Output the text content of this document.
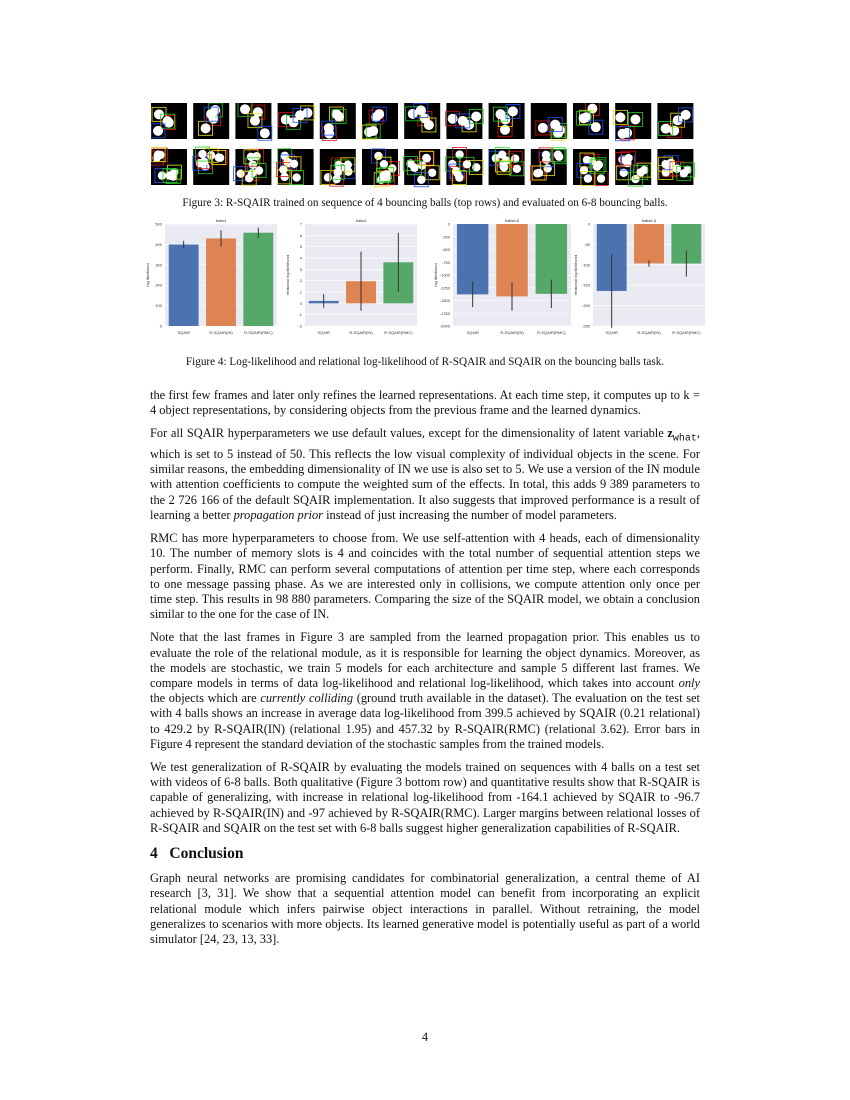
Figure 3: R-SQAIR trained on sequence of 4 bouncing balls (top rows) and evaluated on 6-8 bouncing balls.
0
100
200
300
400
500
balls4
log likelihood
SQAIR	R-SQAIR(IN)	R-SQAIR(RMC)
-2
-1
0
1
2
3
4
5
6
7
balls4
relational log likelihood
SQAIR	R-SQAIR(IN)	R-SQAIR(RMC)
0
-250
-500
-750
-1000
-1250
-1500
-1750
-2000
balls6-8
log likelihood
SQAIR	R-SQAIR(IN)	R-SQAIR(RMC)
0
-50
-100
-150
-200
-250
balls6-8
relational log likelihood
SQAIR	R-SQAIR(IN)	R-SQAIR(RMC)
Figure 4: Log-likelihood and relational log-likelihood of R-SQAIR and SQAIR on the bouncing balls task.

the first few frames and later only refines the learned representations. At each time step, it computes up to k = 4 object representations, by considering objects from the previous frame and the learned dynamics.

For all SQAIR hyperparameters we use default values, except for the dimensionality of latent variable $z_{what}$, which is set to 5 instead of 50. This reflects the low visual complexity of individual objects in the scene. For similar reasons, the embedding dimensionality of IN we use is also set to 5. We use a version of the IN module with attention coefficients to compute the weighted sum of the effects. In total, this adds 9 389 parameters to the 2 726 166 of the default SQAIR implementation. It also suggests that improved performance is a result of learning a better propagation prior instead of just increasing the number of model parameters.

RMC has more hyperparameters to choose from. We use self-attention with 4 heads, each of dimensionality 10. The number of memory slots is 4 and coincides with the total number of sequential attention steps we perform. Finally, RMC can perform several computations of attention per time step, where each corresponds to one message passing phase. As we are interested only in collisions, we compute attention only once per time step. This results in 98 880 parameters. Comparing the size of the SQAIR model, we obtain a conclusion similar to the one for the case of IN.

Note that the last frames in Figure 3 are sampled from the learned propagation prior. This enables us to evaluate the role of the relational module, as it is responsible for learning the object dynamics. Moreover, as the models are stochastic, we train 5 models for each architecture and sample 5 different last frames. We compare models in terms of data log-likelihood and relational log-likelihood, which takes into account only the objects which are currently colliding (ground truth available in the dataset). The evaluation on the test set with 4 balls shows an increase in average data log-likelihood from 399.5 achieved by SQAIR (0.21 relational) to 429.2 by R-SQAIR(IN) (relational 1.95) and 457.32 by R-SQAIR(RMC) (relational 3.62). Error bars in Figure 4 represent the standard deviation of the stochastic samples from the trained models.

We test generalization of R-SQAIR by evaluating the models trained on sequences with 4 balls on a test set with videos of 6-8 balls. Both qualitative (Figure 3 bottom row) and quantitative results show that R-SQAIR is capable of generalizing, with increase in relational log-likelihood from -164.1 achieved by SQAIR to -96.7 achieved by R-SQAIR(IN) and -97 achieved by R-SQAIR(RMC). Larger margins between relational losses of R-SQAIR and SQAIR on the test set with 6-8 balls suggest higher generalization capabilities of R-SQAIR.

4 Conclusion

Graph neural networks are promising candidates for combinatorial generalization, a central theme of AI research [3, 31]. We show that a sequential attention model can benefit from incorporating an explicit relational module which infers pairwise object interactions in parallel. Without retraining, the model generalizes to scenarios with more objects. Its learned generative model is potentially useful as part of a world simulator [24, 23, 13, 33].

4
